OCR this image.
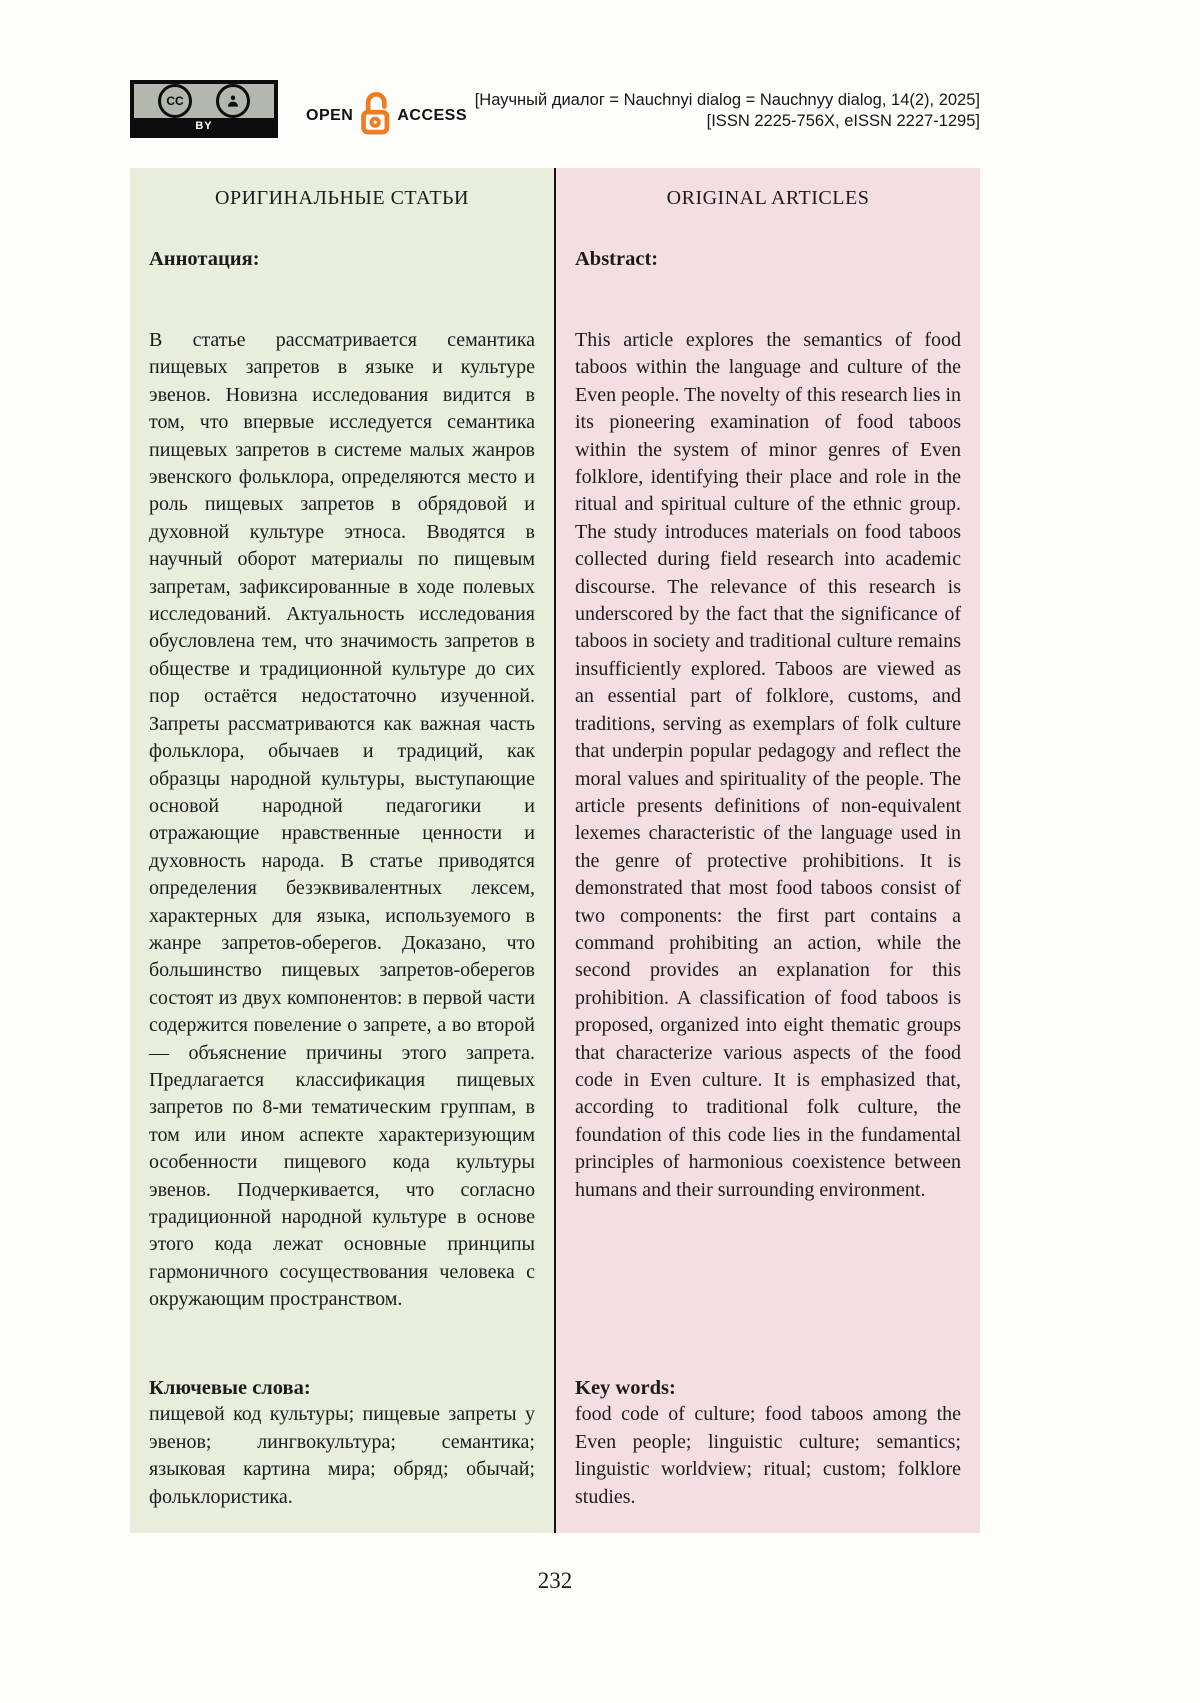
CC
BY
OPEN	ACCESS
[Научный диалог = Nauchnyi dialog = Nauchnyy dialog, 14(2), 2025]
[ISSN 2225-756X, eISSN 2227-1295]
ОРИГИНАЛЬНЫЕ СТАТЬИ
Аннотация:
В статье рассматривается семантика пищевых запретов в языке и культуре эвенов. Новизна исследования видится в том, что впервые исследуется семантика пищевых запретов в системе малых жанров эвенского фольклора, определяются место и роль пищевых запретов в обрядовой и духовной культуре этноса. Вводятся в научный оборот материалы по пищевым запретам, зафиксированные в ходе полевых исследований. Актуальность исследования обусловлена тем, что значимость запретов в обществе и традиционной культуре до сих пор остаётся недостаточно изученной. Запреты рассматриваются как важная часть фольклора, обычаев и традиций, как образцы народной культуры, выступающие основой народной педагогики и отражающие нравственные ценности и духовность народа. В статье приводятся определения безэквивалентных лексем, характерных для языка, используемого в жанре запретов-оберегов. Доказано, что большинство пищевых запретов-оберегов состоят из двух компонентов: в первой части содержится повеление о запрете, а во второй — объяснение причины этого запрета. Предлагается классификация пищевых запретов по 8-ми тематическим группам, в том или ином аспекте характеризующим особенности пищевого кода культуры эвенов. Подчеркивается, что согласно традиционной народной культуре в основе этого кода лежат основные принципы гармоничного сосуществования человека с окружающим пространством.
Ключевые слова:
пищевой код культуры; пищевые запреты у эвенов; лингвокультура; семантика; языковая картина мира; обряд; обычай; фольклористика.
ORIGINAL ARTICLES
Abstract:
This article explores the semantics of food taboos within the language and culture of the Even people. The novelty of this research lies in its pioneering examination of food taboos within the system of minor genres of Even folklore, identifying their place and role in the ritual and spiritual culture of the ethnic group. The study introduces materials on food taboos collected during field research into academic discourse. The relevance of this research is underscored by the fact that the significance of taboos in society and traditional culture remains insufficiently explored. Taboos are viewed as an essential part of folklore, customs, and traditions, serving as exemplars of folk culture that underpin popular pedagogy and reflect the moral values and spirituality of the people. The article presents definitions of non-equivalent lexemes characteristic of the language used in the genre of protective prohibitions. It is demonstrated that most food taboos consist of two components: the first part contains a command prohibiting an action, while the second provides an explanation for this prohibition. A classification of food taboos is proposed, organized into eight thematic groups that characterize various aspects of the food code in Even culture. It is emphasized that, according to traditional folk culture, the foundation of this code lies in the fundamental principles of harmonious coexistence between humans and their surrounding environment.
Key words:
food code of culture; food taboos among the Even people; linguistic culture; semantics; linguistic worldview; ritual; custom; folklore studies.
232
